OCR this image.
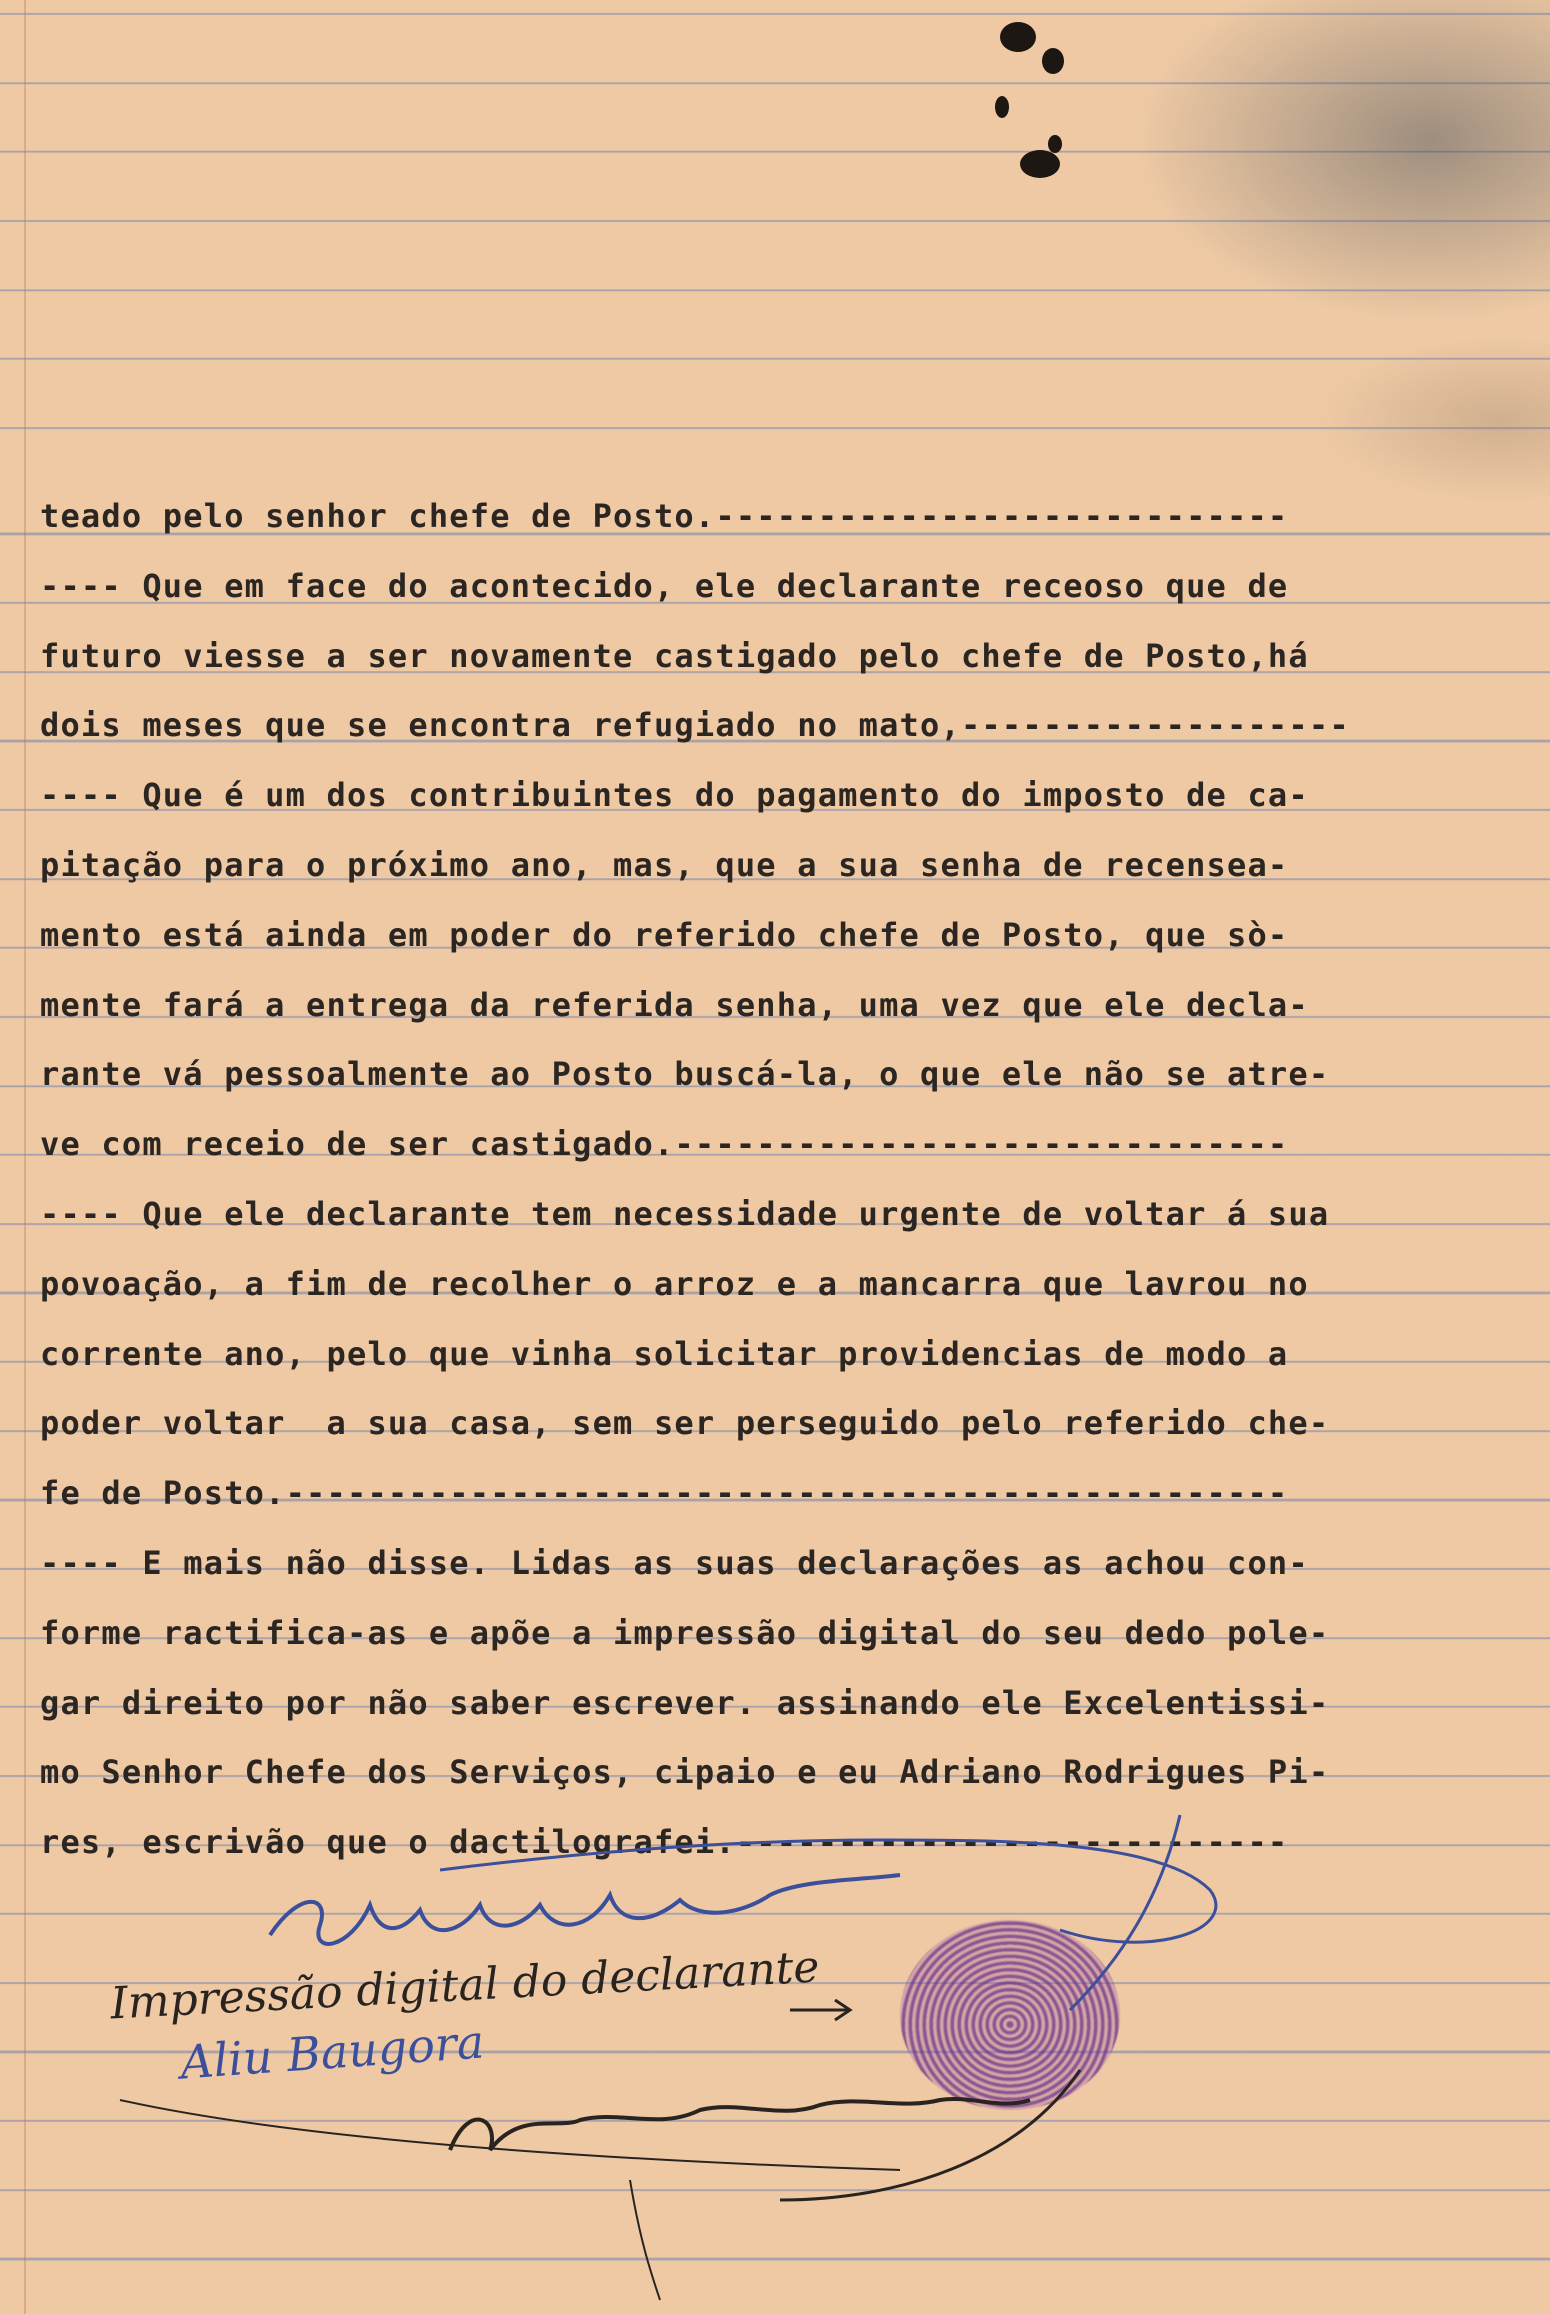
teado pelo senhor chefe de Posto.----------------------------
---- Que em face do acontecido, ele declarante receoso que de
futuro viesse a ser novamente castigado pelo chefe de Posto,há
dois meses que se encontra refugiado no mato,-------------------
---- Que é um dos contribuintes do pagamento do imposto de ca-
pitação para o próximo ano, mas, que a sua senha de recensea-
mento está ainda em poder do referido chefe de Posto, que sò-
mente fará a entrega da referida senha, uma vez que ele decla-
rante vá pessoalmente ao Posto buscá-la, o que ele não se atre-
ve com receio de ser castigado.------------------------------
---- Que ele declarante tem necessidade urgente de voltar á sua
povoação, a fim de recolher o arroz e a mancarra que lavrou no
corrente ano, pelo que vinha solicitar providencias de modo a
poder voltar  a sua casa, sem ser perseguido pelo referido che-
fe de Posto.-------------------------------------------------
---- E mais não disse. Lidas as suas declarações as achou con-
forme ractifica-as e apõe a impressão digital do seu dedo pole-
gar direito por não saber escrever. assinando ele Excelentissi-
mo Senhor Chefe dos Serviços, cipaio e eu Adriano Rodrigues Pi-
res, escrivão que o dactilografei.---------------------------
Impressão digital do declarante
Aliu Baugora
